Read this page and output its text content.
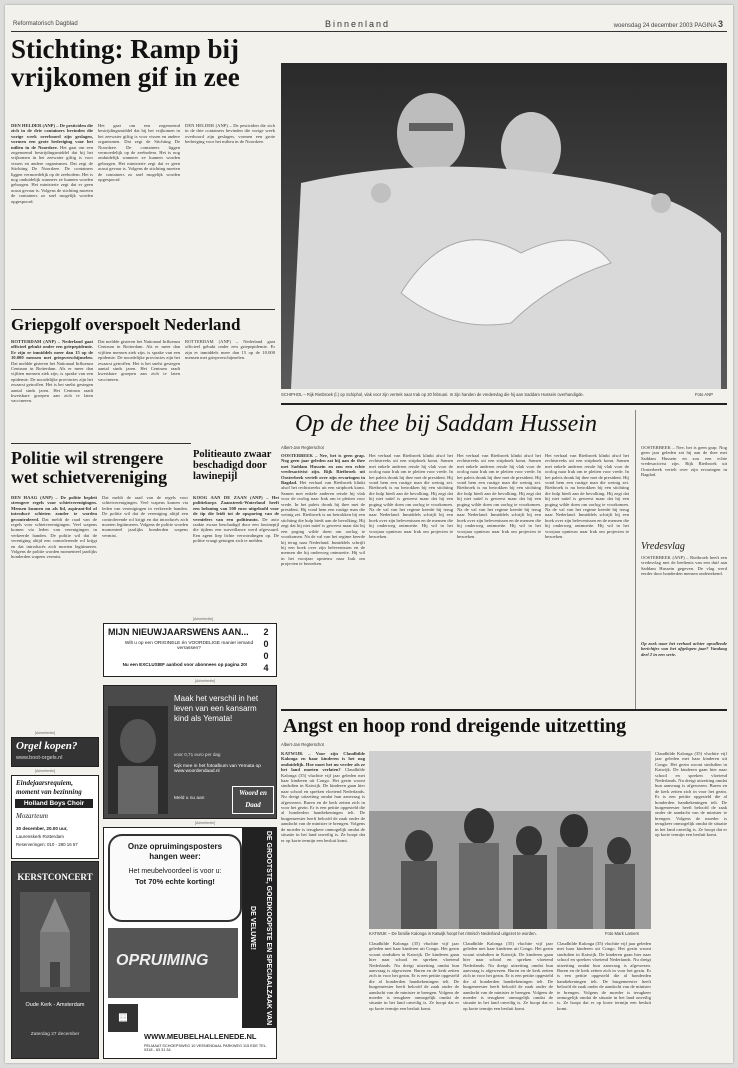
Reformatorisch Dagblad	Binnenland	woensdag 24 december 2003 PAGINA 3
Stichting: Ramp bij vrijkomen gif in zee
DEN HELDER (ANP) – De pesticiden die zich in de drie containers bevinden die vorige week overboord zijn geslagen, vormen een grote bedreiging voor het milieu in de Noordzee. Het gaat om een zogenoemd bestrijdingsmiddel dat bij het vrijkomen in het zeewater giftig is voor vissen en andere organismen. Dat zegt de Stichting De Noordzee. De containers liggen vermoedelijk op de zeebodem. Het is nog onduidelijk wanneer ze kunnen worden geborgen. Het ministerie zegt dat er geen acuut gevaar is. Volgens de stichting moeten de containers zo snel mogelijk worden opgespoord.
Het gaat om een zogenoemd bestrijdingsmiddel dat bij het vrijkomen in het zeewater giftig is voor vissen en andere organismen. Dat zegt de Stichting De Noordzee. De containers liggen vermoedelijk op de zeebodem. Het is nog onduidelijk wanneer ze kunnen worden geborgen. Het ministerie zegt dat er geen acuut gevaar is. Volgens de stichting moeten de containers zo snel mogelijk worden opgespoord.
DEN HELDER (ANP) – De pesticiden die zich in de drie containers bevinden die vorige week overboord zijn geslagen, vormen een grote bedreiging voor het milieu in de Noordzee.
SCHIPHOL – Rijk Rietbroek (l.) op Schiphol, vlak voor zijn vertrek naar Irak op 20 februari. In zijn handen de vredesvlag die hij aan Saddam Hussein overhandigde.	Foto ANP
Griepgolf overspoelt Nederland
ROTTERDAM (ANP) – Nederland gaat officieel gebukt onder een griepepidemie. Er zijn er inmiddels meer dan 15 op de 10.000 mensen met griepverschijnselen. Dat meldde gisteren het Nationaal Influenza Centrum in Rotterdam. Als er meer dan vijftien mensen ziek zijn, is sprake van een epidemie. De noordelijke provincies zijn het zwaarst getroffen. Het is het snelst gestegen aantal sinds jaren. Het Centrum raadt kwetsbare groepen aan zich te laten vaccineren.
Dat meldde gisteren het Nationaal Influenza Centrum in Rotterdam. Als er meer dan vijftien mensen ziek zijn, is sprake van een epidemie. De noordelijke provincies zijn het zwaarst getroffen. Het is het snelst gestegen aantal sinds jaren. Het Centrum raadt kwetsbare groepen aan zich te laten vaccineren.
ROTTERDAM (ANP) – Nederland gaat officieel gebukt onder een griepepidemie. Er zijn er inmiddels meer dan 15 op de 10.000 mensen met griepverschijnselen.
Politie wil strengere wet schietvereniging
DEN HAAG (ANP) – De politie bepleit strengere regels voor schietverenigingen. Mensen kunnen nu als lid, aspirant-lid of introducé schieten zonder te worden gecontroleerd. Dat meldt de raad van de regels voor schietverenigingen. Veel wapens komen via leden van verenigingen in verkeerde handen. De politie wil dat de vereniging altijd een controlerende rol krijgt en dat introducés zich moeten legitimeren. Volgens de politie worden momenteel jaarlijks honderden wapens vermist.
Dat meldt de raad van de regels voor schietverenigingen. Veel wapens komen via leden van verenigingen in verkeerde handen. De politie wil dat de vereniging altijd een controlerende rol krijgt en dat introducés zich moeten legitimeren. Volgens de politie worden momenteel jaarlijks honderden wapens vermist.
Politieauto zwaar beschadigd door lawinepijl
KOOG AAN DE ZAAN (ANP) – Het politiekorps Zaanstreek-Waterland heeft een beloning van 500 euro uitgeloofd voor de tip die leidt tot de opsporing van de vernielers van een politieauto. De auto raakte zwaar beschadigd door een lawinepijl die tijdens een surveillance werd afgevuurd. Een agent liep lichte verwondingen op. De politie vraagt getuigen zich te melden.
Op de thee bij Saddam Hussein
Albert-Jan Regterschot
OOSTERBEEK – Nee, het is geen grap. Nog geen jaar geleden zat hij aan de thee met Saddam Hussein en zou een echte vredesactivist zijn. Rijk Rietbroek uit Oosterbeek vertelt over zijn ervaringen in Bagdad. Het verhaal van Rietbroek klinkt alsof het rechtstreeks uit een stripboek komt. Samen met enkele anderen reisde hij vlak voor de oorlog naar Irak om te pleiten voor vrede. In het paleis dronk hij thee met de president. Hij vond hem een rustige man die weinig zei. Rietbroek is nu betrokken bij een stichting die hulp biedt aan de bevolking. Hij zegt dat hij niet naïef is geweest maar dat hij een poging wilde doen om oorlog te voorkomen. Na de val van het regime keerde hij terug naar Nederland. Inmiddels schrijft hij een boek over zijn belevenissen en de mensen die hij onderweg ontmoette. Hij wil in het voorjaar opnieuw naar Irak om projecten te bezoeken.
Het verhaal van Rietbroek klinkt alsof het rechtstreeks uit een stripboek komt. Samen met enkele anderen reisde hij vlak voor de oorlog naar Irak om te pleiten voor vrede. In het paleis dronk hij thee met de president. Hij vond hem een rustige man die weinig zei. Rietbroek is nu betrokken bij een stichting die hulp biedt aan de bevolking. Hij zegt dat hij niet naïef is geweest maar dat hij een poging wilde doen om oorlog te voorkomen. Na de val van het regime keerde hij terug naar Nederland. Inmiddels schrijft hij een boek over zijn belevenissen en de mensen die hij onderweg ontmoette. Hij wil in het voorjaar opnieuw naar Irak om projecten te bezoeken.
Het verhaal van Rietbroek klinkt alsof het rechtstreeks uit een stripboek komt. Samen met enkele anderen reisde hij vlak voor de oorlog naar Irak om te pleiten voor vrede. In het paleis dronk hij thee met de president. Hij vond hem een rustige man die weinig zei. Rietbroek is nu betrokken bij een stichting die hulp biedt aan de bevolking. Hij zegt dat hij niet naïef is geweest maar dat hij een poging wilde doen om oorlog te voorkomen. Na de val van het regime keerde hij terug naar Nederland. Inmiddels schrijft hij een boek over zijn belevenissen en de mensen die hij onderweg ontmoette. Hij wil in het voorjaar opnieuw naar Irak om projecten te bezoeken.
Het verhaal van Rietbroek klinkt alsof het rechtstreeks uit een stripboek komt. Samen met enkele anderen reisde hij vlak voor de oorlog naar Irak om te pleiten voor vrede. In het paleis dronk hij thee met de president. Hij vond hem een rustige man die weinig zei. Rietbroek is nu betrokken bij een stichting die hulp biedt aan de bevolking. Hij zegt dat hij niet naïef is geweest maar dat hij een poging wilde doen om oorlog te voorkomen. Na de val van het regime keerde hij terug naar Nederland. Inmiddels schrijft hij een boek over zijn belevenissen en de mensen die hij onderweg ontmoette. Hij wil in het voorjaar opnieuw naar Irak om projecten te bezoeken.
OOSTERBEEK – Nee, het is geen grap. Nog geen jaar geleden zat hij aan de thee met Saddam Hussein en zou een echte vredesactivist zijn. Rijk Rietbroek uit Oosterbeek vertelt over zijn ervaringen in Bagdad.
Vredesvlag
OOSTERBEEK (ANP) – Rietbroek heeft een vredesvlag met de beeltenis van een duif aan Saddam Hussein gegeven. De vlag werd eerder door honderden mensen ondertekend.
Op zoek naar het verhaal achter opvallende berichtjes van het afgelopen jaar? Vandaag deel 2 in een serie.
Angst en hoop rond dreigende uitzetting
Albert-Jan Regterschot
KATWIJK – Voor zijn Claudhilde Kalonga en haar kinderen is het nog onduidelijk. Hoe moet het nu verder als ze het land moeten verlaten? Claudhilde Kalonga (35) vluchtte vijf jaar geleden met haar kinderen uit Congo. Het gezin woont sindsdien in Katwijk. De kinderen gaan hier naar school en spreken vloeiend Nederlands. Nu dreigt uitzetting omdat hun aanvraag is afgewezen. Buren en de kerk zetten zich in voor het gezin. Er is een petitie opgesteld die al honderden handtekeningen telt. De burgemeester heeft beloofd de zaak onder de aandacht van de minister te brengen. Volgens de moeder is terugkeer onmogelijk omdat de situatie in het land onveilig is. Ze hoopt dat er op korte termijn een besluit komt.
KATWIJK – De familie Kalonga in Katwijk hoopt het ritmisch Nederland uitgezet te worden.	Foto Mark Lamers
Claudhilde Kalonga (35) vluchtte vijf jaar geleden met haar kinderen uit Congo. Het gezin woont sindsdien in Katwijk. De kinderen gaan hier naar school en spreken vloeiend Nederlands. Nu dreigt uitzetting omdat hun aanvraag is afgewezen. Buren en de kerk zetten zich in voor het gezin. Er is een petitie opgesteld die al honderden handtekeningen telt. De burgemeester heeft beloofd de zaak onder de aandacht van de minister te brengen. Volgens de moeder is terugkeer onmogelijk omdat de situatie in het land onveilig is. Ze hoopt dat er op korte termijn een besluit komt.
Claudhilde Kalonga (35) vluchtte vijf jaar geleden met haar kinderen uit Congo. Het gezin woont sindsdien in Katwijk. De kinderen gaan hier naar school en spreken vloeiend Nederlands. Nu dreigt uitzetting omdat hun aanvraag is afgewezen. Buren en de kerk zetten zich in voor het gezin. Er is een petitie opgesteld die al honderden handtekeningen telt. De burgemeester heeft beloofd de zaak onder de aandacht van de minister te brengen. Volgens de moeder is terugkeer onmogelijk omdat de situatie in het land onveilig is. Ze hoopt dat er op korte termijn een besluit komt.
Claudhilde Kalonga (35) vluchtte vijf jaar geleden met haar kinderen uit Congo. Het gezin woont sindsdien in Katwijk. De kinderen gaan hier naar school en spreken vloeiend Nederlands. Nu dreigt uitzetting omdat hun aanvraag is afgewezen. Buren en de kerk zetten zich in voor het gezin. Er is een petitie opgesteld die al honderden handtekeningen telt. De burgemeester heeft beloofd de zaak onder de aandacht van de minister te brengen. Volgens de moeder is terugkeer onmogelijk omdat de situatie in het land onveilig is. Ze hoopt dat er op korte termijn een besluit komt.
Claudhilde Kalonga (35) vluchtte vijf jaar geleden met haar kinderen uit Congo. Het gezin woont sindsdien in Katwijk. De kinderen gaan hier naar school en spreken vloeiend Nederlands. Nu dreigt uitzetting omdat hun aanvraag is afgewezen. Buren en de kerk zetten zich in voor het gezin. Er is een petitie opgesteld die al honderden handtekeningen telt. De burgemeester heeft beloofd de zaak onder de aandacht van de minister te brengen. Volgens de moeder is terugkeer onmogelijk omdat de situatie in het land onveilig is. Ze hoopt dat er op korte termijn een besluit komt.
[Advertentie]
MIJN NIEUWJAARSWENS AAN...	2
0
0
4
Wilt u op een ORIGINELE én VOORDELIGE manier iemand verrassen?
Nu een EXCLUSIEF aanbod voor abonnees op pagina 20!
[Advertentie]
Orgel kopen?
www.boot-orgels.nl
[Advertentie]
Eindejaarsrequiem,
moment van bezinning
Holland Boys Choir
Mozarteum
30 december, 20.00 uur,
Laurenskerk Rotterdam
Reserveringen: 010 - 280 16 57
KERSTCONCERT
Oude Kerk - Amsterdam
Zaterdag 27 december
[Advertentie]
Maak het verschil in het leven van een kansarm kind als Yemata!
voor 0,71 euro per dag
Kijk mee in het fotoalbum van Yemata op www.woordendaad.nl
Meld u nu aan
Woord en Daad
[Advertentie]
Onze opruimingsposters hangen weer:
Het meubelvoordeel is voor u:
Tot 70% echte korting!	DE GROOTSTE, GOEDKOOPSTE EN SPECIAALZAAK VAN DE VELUWE!
OPRUIMING
▦
WWW.MEUBELHALLENEDE.NL
PELMAAT SCHOEPSWEG 10 VEENENDAAL PARKWEG 115 EDE TEL. 0318 - 63 31 34
